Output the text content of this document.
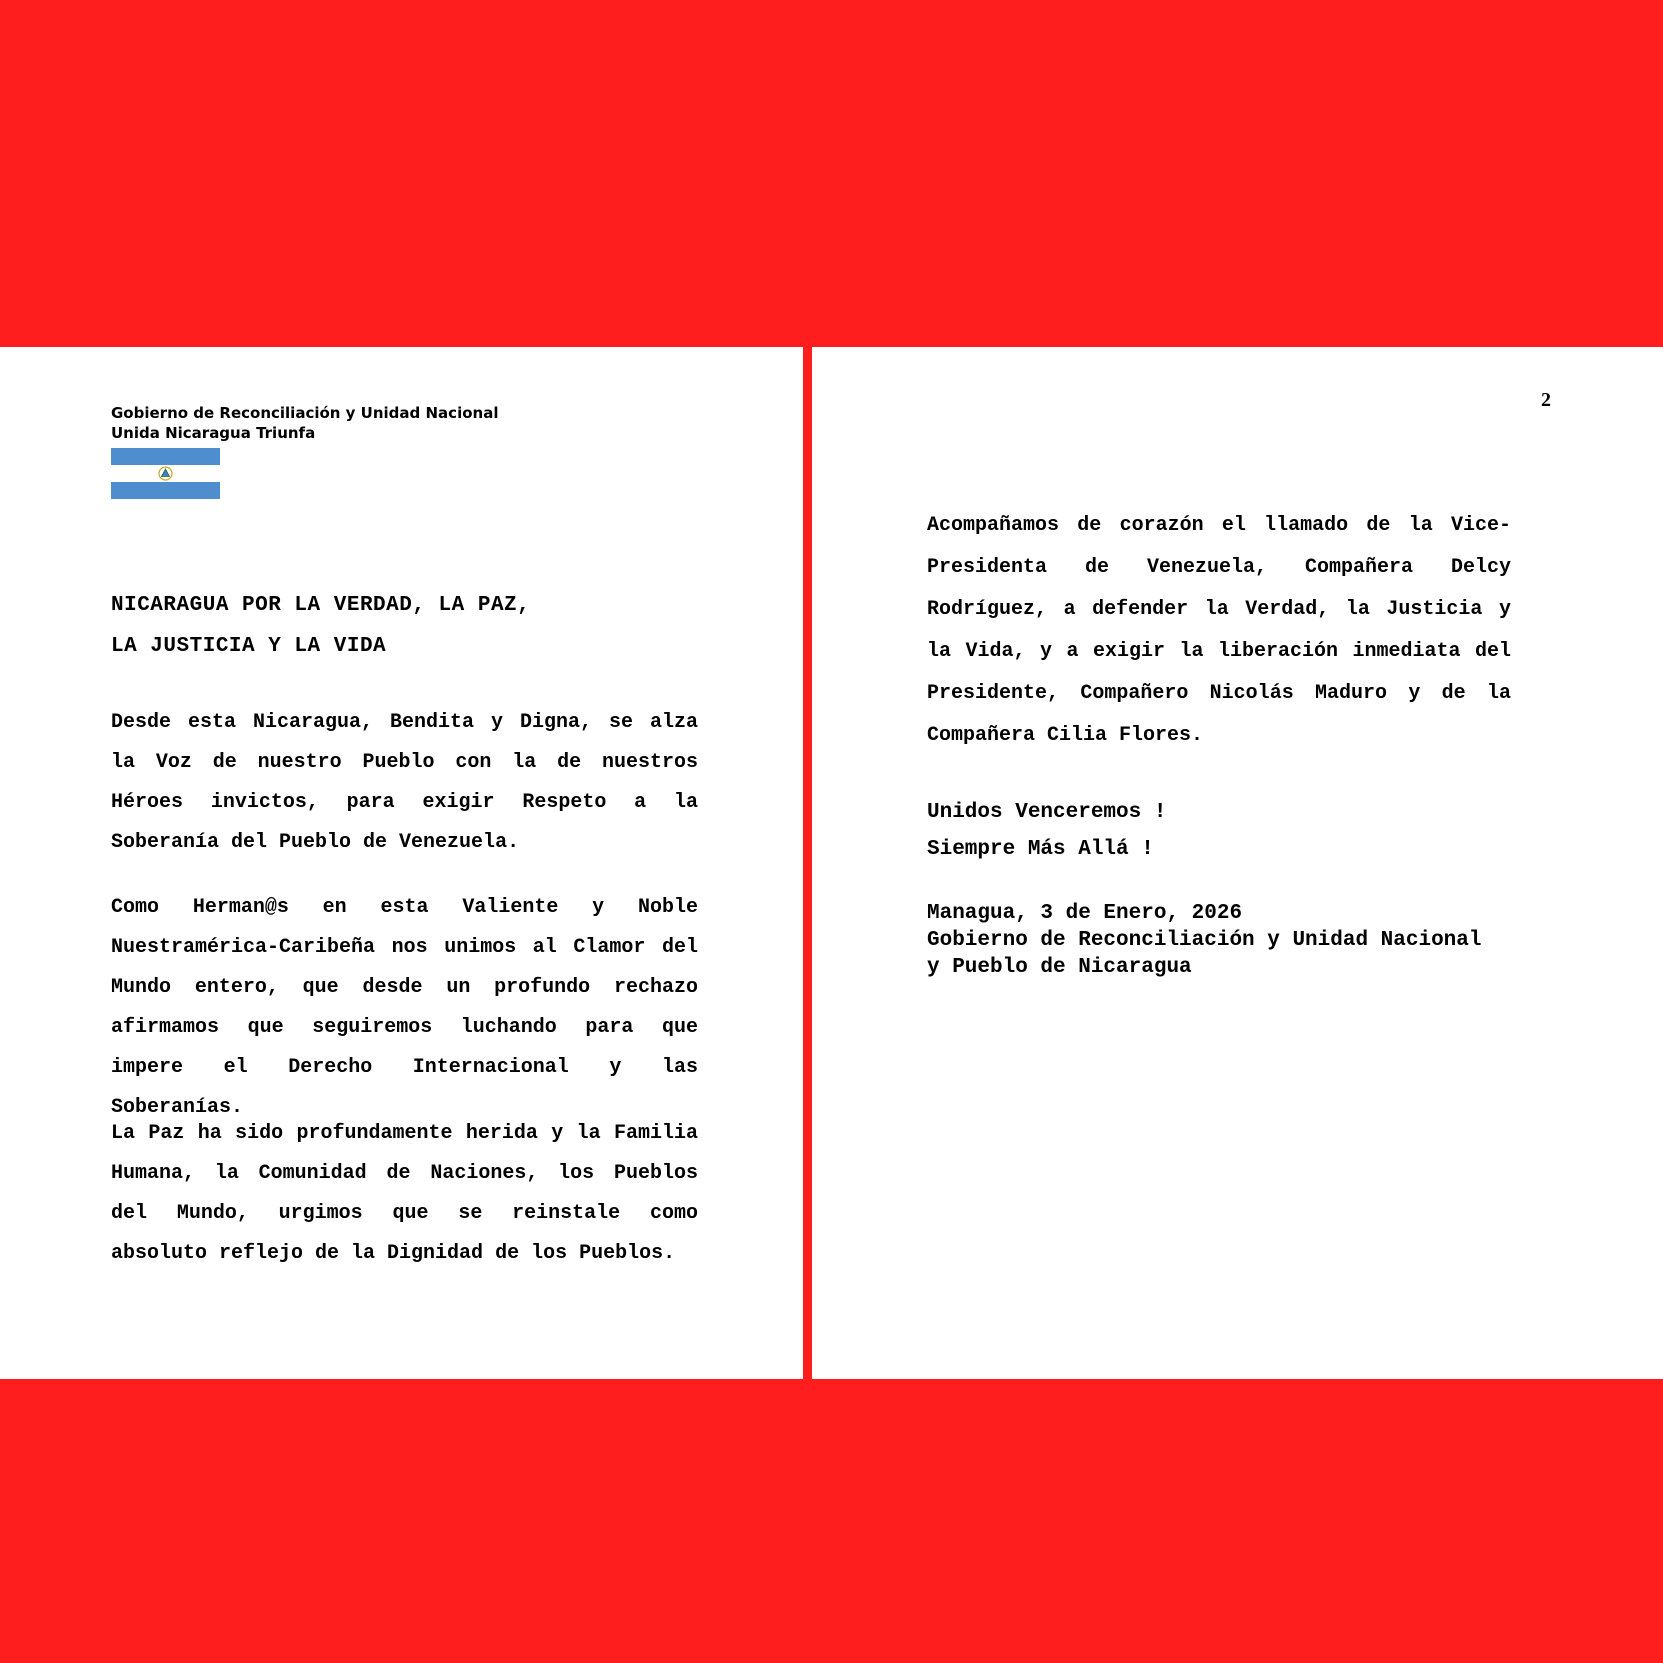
Gobierno de Reconciliación y Unidad Nacional
Unida Nicaragua Triunfa
NICARAGUA POR LA VERDAD, LA PAZ,
LA JUSTICIA Y LA VIDA
Desde esta Nicaragua, Bendita y Digna, se alza la Voz de nuestro Pueblo con la de nuestros Héroes invictos, para exigir Respeto a la Soberanía del Pueblo de Venezuela.
Como Herman@s en esta Valiente y Noble Nuestramérica-Caribeña nos unimos al Clamor del Mundo entero, que desde un profundo rechazo afirmamos que seguiremos luchando para que impere el Derecho Internacional y las Soberanías.
La Paz ha sido profundamente herida y la Familia Humana, la Comunidad de Naciones, los Pueblos del Mundo, urgimos que se reinstale como absoluto reflejo de la Dignidad de los Pueblos.
2
Acompañamos de corazón el llamado de la Vice-Presidenta de Venezuela, Compañera Delcy Rodríguez, a defender la Verdad, la Justicia y la Vida, y a exigir la liberación inmediata del Presidente, Compañero Nicolás Maduro y de la Compañera Cilia Flores.
Unidos Venceremos !
Siempre Más Allá !
Managua, 3 de Enero, 2026
Gobierno de Reconciliación y Unidad Nacional
y Pueblo de Nicaragua
